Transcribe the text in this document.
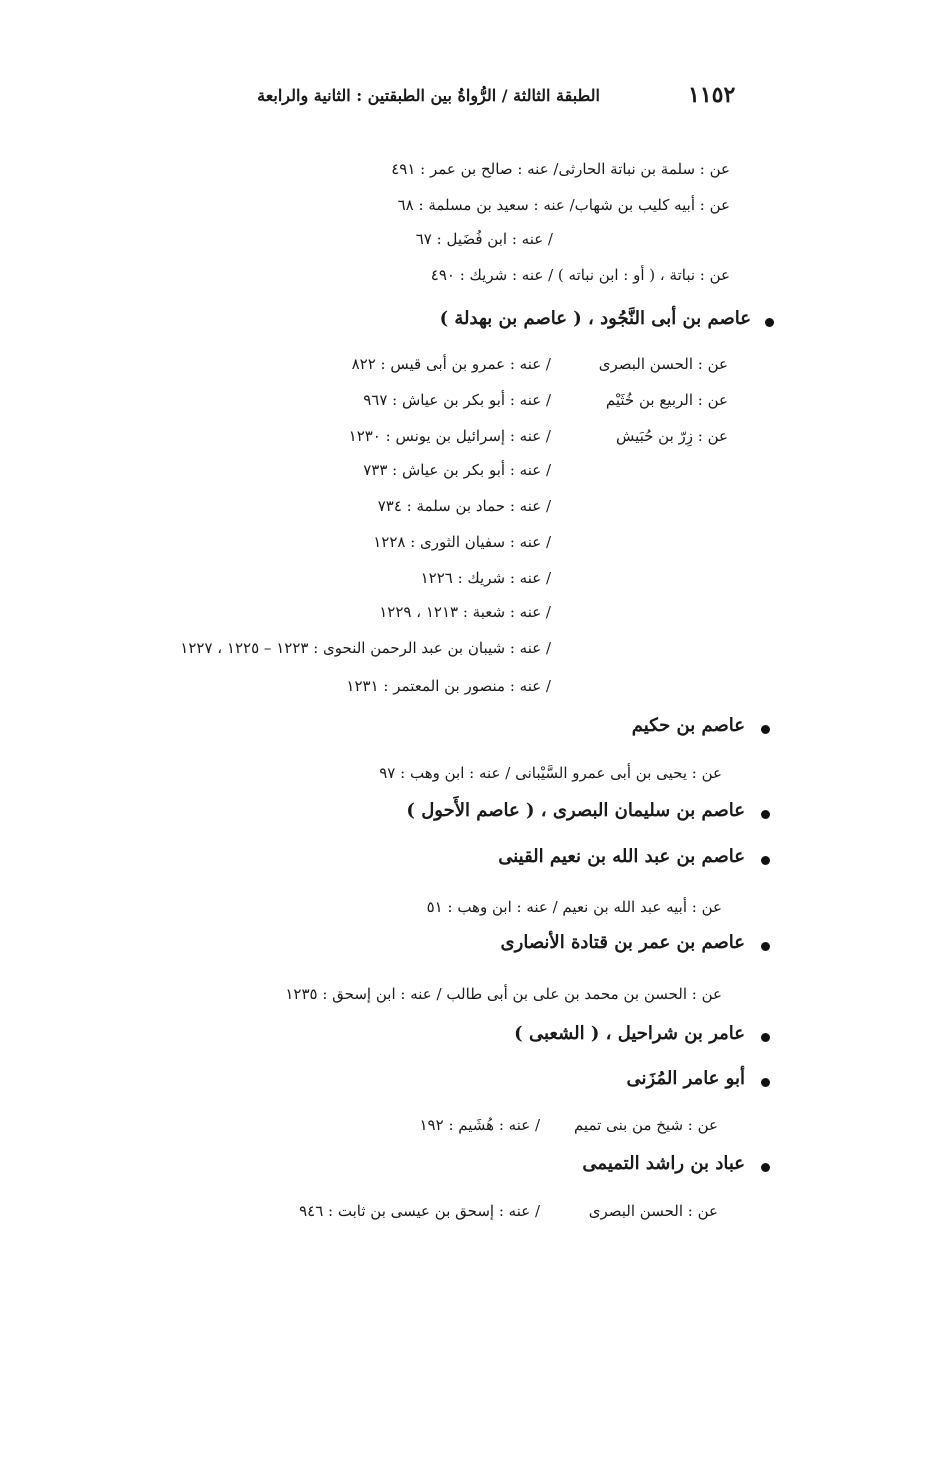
١١٥٢
الطبقة الثالثة / الرُّواةُ بين الطبقتين : الثانية والرابعة
عن : سلمة بن نباتة الحارثى/ عنه : صالح بن عمر : ٤٩١
عن : أبيه كليب بن شهاب/ عنه : سعيد بن مسلمة : ٦٨
/ عنه : ابن فُضَيل : ٦٧
عن : نباتة ، ( أو : ابن نباته ) / عنه : شريك : ٤٩٠
عاصم بن أبى النَّجُود ، ( عاصم بن بهدلة )
عن : الحسن البصرى
عن : الربيع بن خُثَيْم
عن : زِرّ بن حُبَيش
/ عنه : عمرو بن أبى قيس : ٨٢٢
/ عنه : أبو بكر بن عياش : ٩٦٧
/ عنه : إسرائيل بن يونس : ١٢٣٠
/ عنه : أبو بكر بن عياش : ٧٣٣
/ عنه : حماد بن سلمة : ٧٣٤
/ عنه : سفيان الثورى : ١٢٢٨
/ عنه : شريك : ١٢٢٦
/ عنه : شعبة : ١٢١٣ ، ١٢٢٩
/ عنه : شيبان بن عبد الرحمن النحوى : ١٢٢٣ – ١٢٢٥ ، ١٢٢٧
/ عنه : منصور بن المعتمر : ١٢٣١
عاصم بن حكيم
عن : يحيى بن أبى عمرو السَّيْبانى / عنه : ابن وهب : ٩٧
عاصم بن سليمان البصرى ، ( عاصم الأَحول )
عاصم بن عبد الله بن نعيم القينى
عن : أبيه عبد الله بن نعيم / عنه : ابن وهب : ٥١
عاصم بن عمر بن قتادة الأنصارى
عن : الحسن بن محمد بن على بن أبى طالب / عنه : ابن إسحق : ١٢٣٥
عامر بن شراحيل ، ( الشعبى )
أبو عامر المُزَنى
عن : شيخ من بنى تميم
/ عنه : هُشَيم : ١٩٢
عباد بن راشد التميمى
عن : الحسن البصرى
/ عنه : إسحق بن عيسى بن ثابت : ٩٤٦
